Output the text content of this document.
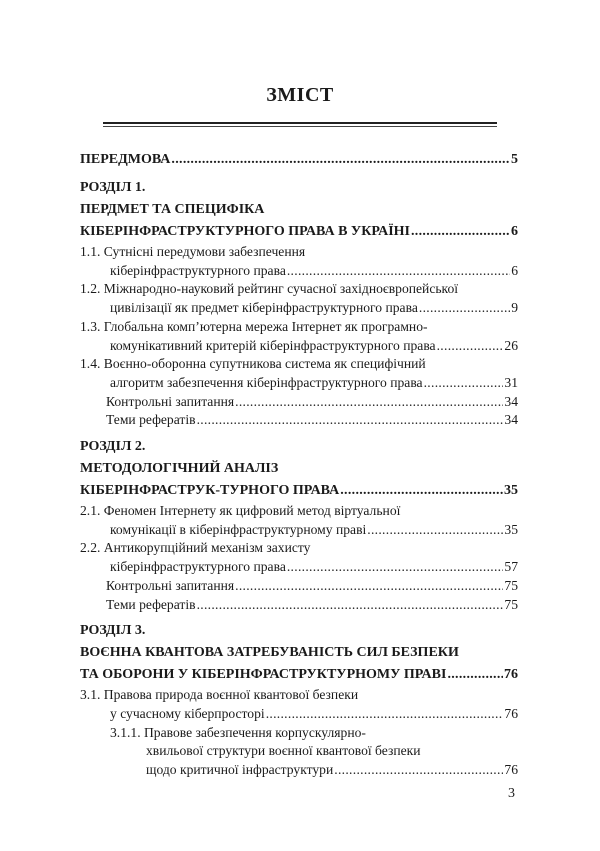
ЗМІСТ
ПЕРЕДМОВА .....	5
РОЗДІЛ 1.
ПЕРДМЕТ ТА СПЕЦИФІКА
КІБЕРІНФРАСТРУКТУРНОГО ПРАВА В УКРАЇНІ .....	6
1.1. Сутнісні передумови забезпечення
кіберінфраструктурного права .....	6
1.2. Міжнародно-науковий рейтинг сучасної західноєвропейської
цивілізації як предмет кіберінфраструктурного права .....	9
1.3. Глобальна комп’ютерна мережа Інтернет як програмно-
комунікативний критерій кіберінфраструктурного права .....	26
1.4. Воєнно-оборонна супутникова система як специфічний
алгоритм забезпечення кіберінфраструктурного права .....	31
Контрольні запитання .....	34
Теми рефератів .....	34
РОЗДІЛ 2.
МЕТОДОЛОГІЧНИЙ АНАЛІЗ
КІБЕРІНФРАСТРУК-ТУРНОГО ПРАВА .....	35
2.1. Феномен Інтернету як цифровий метод віртуальної
комунікації в кіберінфраструктурному праві .....	35
2.2. Антикорупційний механізм захисту
кіберінфраструктурного права .....	57
Контрольні запитання .....	75
Теми рефератів .....	75
РОЗДІЛ 3.
ВОЄННА КВАНТОВА ЗАТРЕБУВАНІСТЬ СИЛ БЕЗПЕКИ
ТА ОБОРОНИ У КІБЕРІНФРАСТРУКТУРНОМУ ПРАВІ .....	76
3.1. Правова природа воєнної квантової безпеки
у сучасному кіберпросторі .....	76
3.1.1. Правове забезпечення корпускулярно-
хвильової структури воєнної квантової безпеки
щодо критичної інфраструктури .....	76
3
